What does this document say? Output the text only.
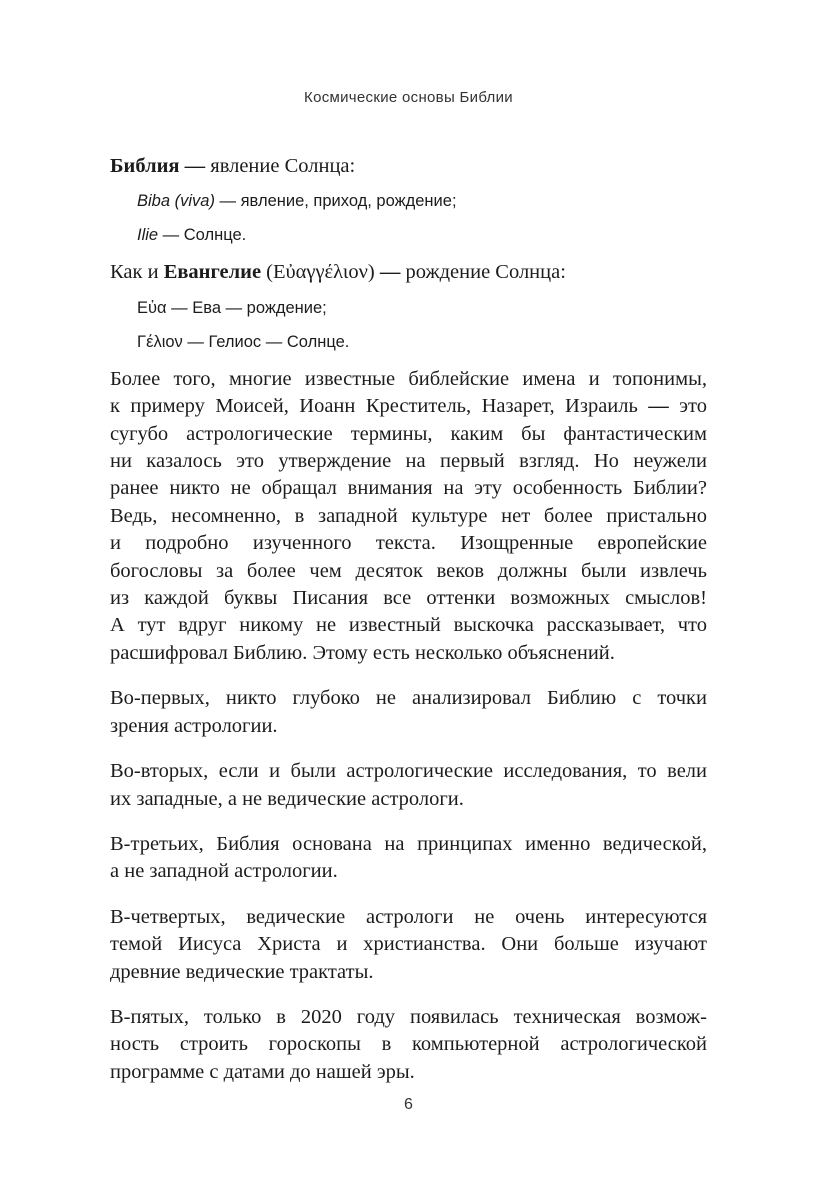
Космические основы Библии

Библия — явление Солнца:

Biba (viva) — явление, приход, рождение;
Ilie — Солнце.

Как и Евангелие (Εὐαγγέλιον) — рождение Солнца:

Εὐα — Ева — рождение;
Γέλιον — Гелиос — Солнце.

Более того, многие известные библейские имена и топонимы,
к примеру Моисей, Иоанн Креститель, Назарет, Израиль — это
сугубо астрологические термины, каким бы фантастическим
ни казалось это утверждение на первый взгляд. Но неужели
ранее никто не обращал внимания на эту особенность Библии?
Ведь, несомненно, в западной культуре нет более пристально
и подробно изученного текста. Изощренные европейские
богословы за более чем десяток веков должны были извлечь
из каждой буквы Писания все оттенки возможных смыслов!
А тут вдруг никому не известный выскочка рассказывает, что
расшифровал Библию. Этому есть несколько объяснений.

Во-первых, никто глубоко не анализировал Библию с точки
зрения астрологии.

Во-вторых, если и были астрологические исследования, то вели
их западные, а не ведические астрологи.

В-третьих, Библия основана на принципах именно ведической,
а не западной астрологии.

В-четвертых, ведические астрологи не очень интересуются
темой Иисуса Христа и христианства. Они больше изучают
древние ведические трактаты.

В-пятых, только в 2020 году появилась техническая возмож-
ность строить гороскопы в компьютерной астрологической
программе с датами до нашей эры.

6
